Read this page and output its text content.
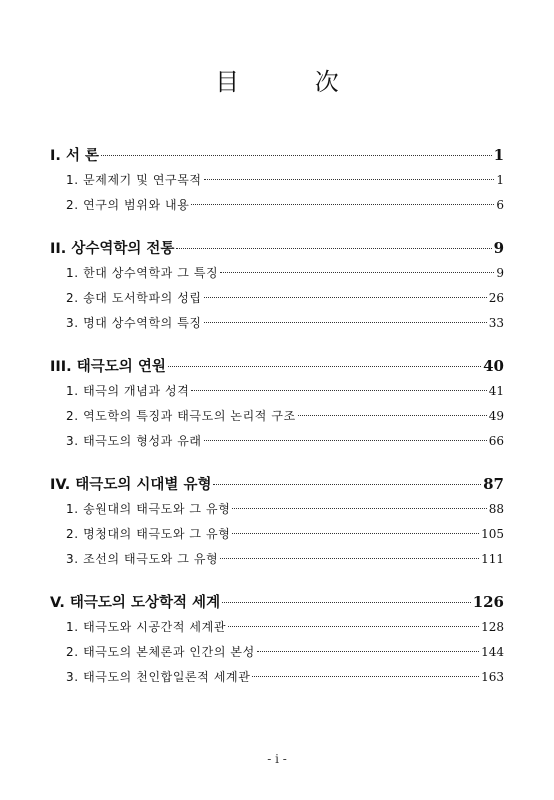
目 次
I. 서 론	1
1. 문제제기 및 연구목적	1
2. 연구의 범위와 내용	6
II. 상수역학의 전통	9
1. 한대 상수역학과 그 특징	9
2. 송대 도서학파의 성립	26
3. 명대 상수역학의 특징	33
III. 태극도의 연원	40
1. 태극의 개념과 성격	41
2. 역도학의 특징과 태극도의 논리적 구조	49
3. 태극도의 형성과 유래	66
IV. 태극도의 시대별 유형	87
1. 송원대의 태극도와 그 유형	88
2. 명청대의 태극도와 그 유형	105
3. 조선의 태극도와 그 유형	111
V. 태극도의 도상학적 세계	126
1. 태극도와 시공간적 세계관	128
2. 태극도의 본체론과 인간의 본성	144
3. 태극도의 천인합일론적 세계관	163
- i -
